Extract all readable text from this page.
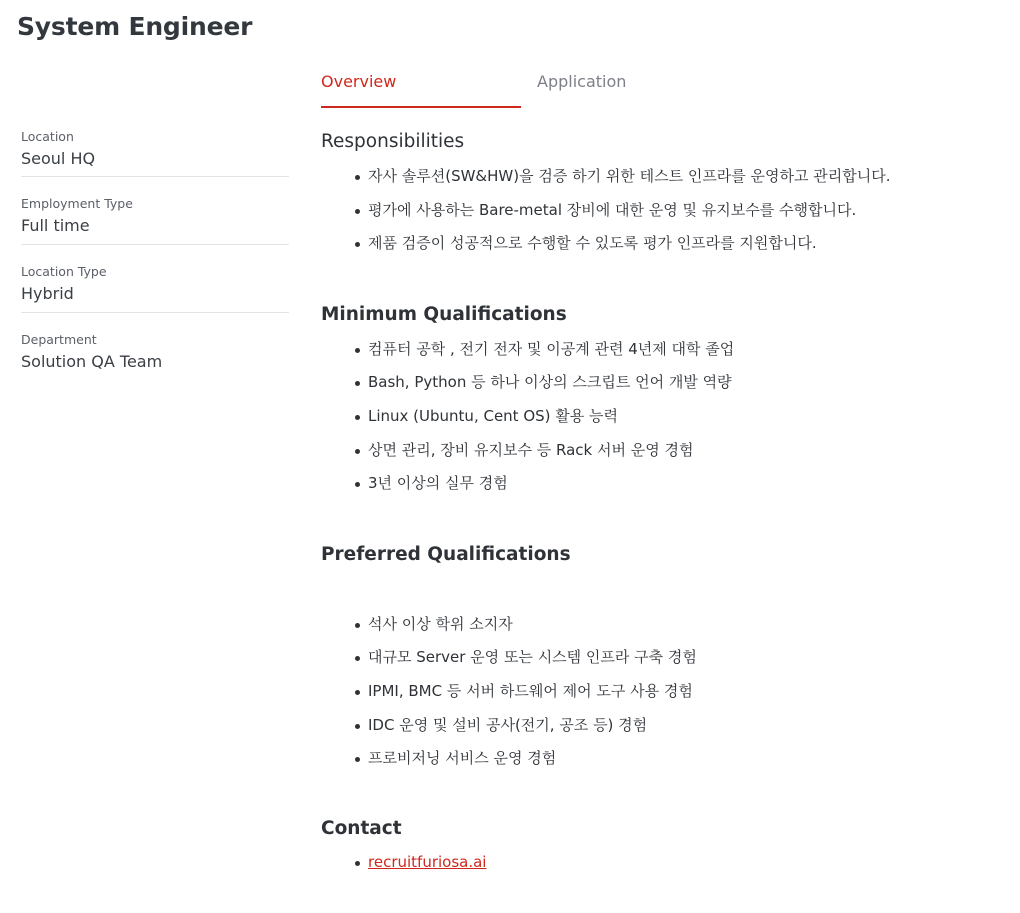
System Engineer
Location
Seoul HQ
Employment Type
Full time
Location Type
Hybrid
Department
Solution QA Team
Overview	Application
Responsibilities
자사 솔루션(SW&HW)을 검증 하기 위한 테스트 인프라를 운영하고 관리합니다.
평가에 사용하는 Bare-metal 장비에 대한 운영 및 유지보수를 수행합니다.
제품 검증이 성공적으로 수행할 수 있도록 평가 인프라를 지원합니다.
Minimum Qualifications
컴퓨터 공학 , 전기 전자 및 이공계 관련 4년제 대학 졸업
Bash, Python 등 하나 이상의 스크립트 언어 개발 역량
Linux (Ubuntu, Cent OS) 활용 능력
상면 관리, 장비 유지보수 등 Rack 서버 운영 경험
3년 이상의 실무 경험
Preferred Qualifications
석사 이상 학위 소지자
대규모 Server 운영 또는 시스템 인프라 구축 경험
IPMI, BMC 등 서버 하드웨어 제어 도구 사용 경험
IDC 운영 및 설비 공사(전기, 공조 등) 경험
프로비저닝 서비스 운영 경험
Contact
recruitfuriosa.ai
